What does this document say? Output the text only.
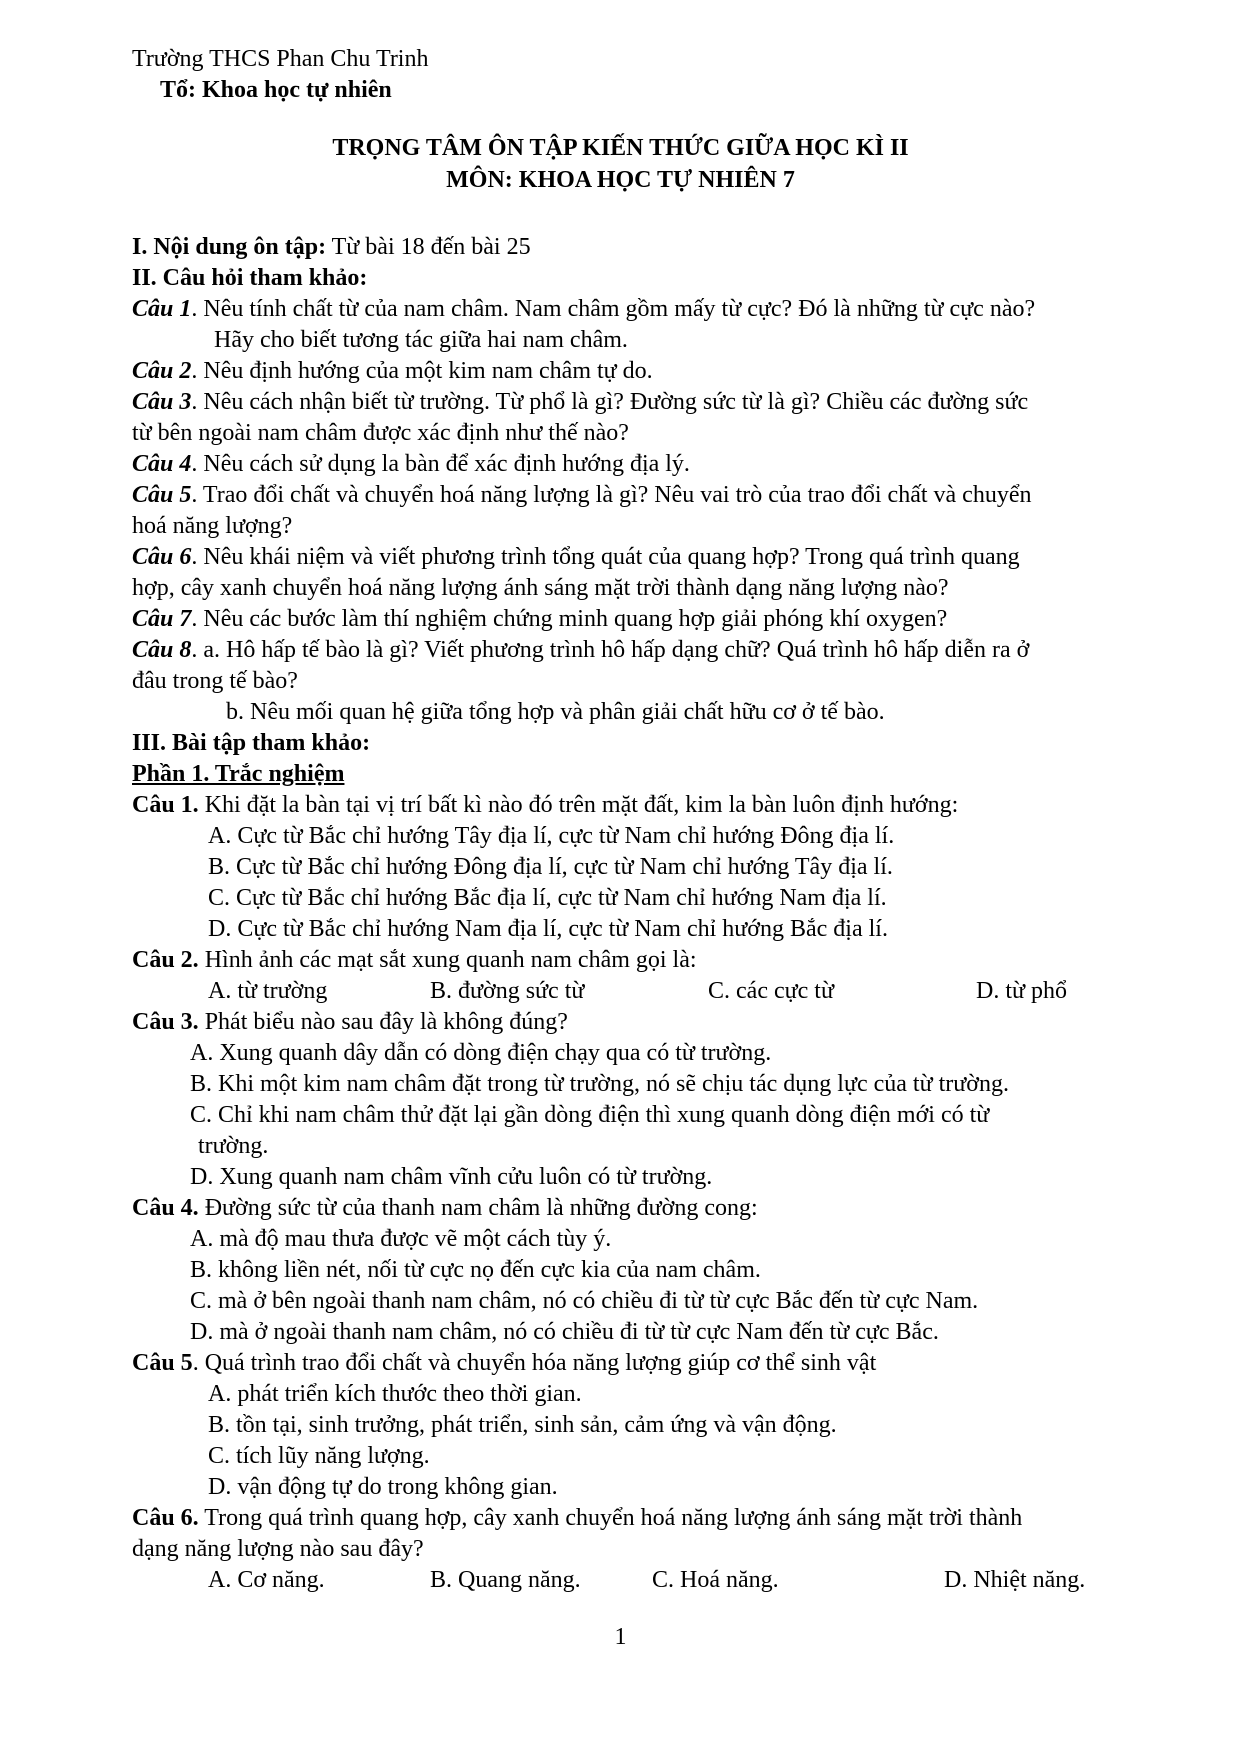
Trường THCS Phan Chu Trinh
Tổ: Khoa học tự nhiên
TRỌNG TÂM ÔN TẬP KIẾN THỨC GIỮA HỌC KÌ II
MÔN: KHOA HỌC TỰ NHIÊN 7
I. Nội dung ôn tập: Từ bài 18 đến bài 25
II. Câu hỏi tham khảo:
Câu 1. Nêu tính chất từ của nam châm. Nam châm gồm mấy từ cực? Đó là những từ cực nào?
Hãy cho biết tương tác giữa hai nam châm.
Câu 2. Nêu định hướng của một kim nam châm tự do.
Câu 3. Nêu cách nhận biết từ trường. Từ phổ là gì? Đường sức từ là gì? Chiều các đường sức
từ bên ngoài nam châm được xác định như thế nào?
Câu 4. Nêu cách sử dụng la bàn để xác định hướng địa lý.
Câu 5. Trao đổi chất và chuyển hoá năng lượng là gì? Nêu vai trò của trao đổi chất và chuyển
hoá năng lượng?
Câu 6. Nêu khái niệm và viết phương trình tổng quát của quang hợp? Trong quá trình quang
hợp, cây xanh chuyển hoá năng lượng ánh sáng mặt trời thành dạng năng lượng nào?
Câu 7. Nêu các bước làm thí nghiệm chứng minh quang hợp giải phóng khí oxygen?
Câu 8. a. Hô hấp tế bào là gì? Viết phương trình hô hấp dạng chữ? Quá trình hô hấp diễn ra ở
đâu trong tế bào?
b. Nêu mối quan hệ giữa tổng hợp và phân giải chất hữu cơ ở tế bào.
III. Bài tập tham khảo:
Phần 1. Trắc nghiệm
Câu 1. Khi đặt la bàn tại vị trí bất kì nào đó trên mặt đất, kim la bàn luôn định hướng:
A. Cực từ Bắc chỉ hướng Tây địa lí, cực từ Nam chỉ hướng Đông địa lí.
B. Cực từ Bắc chỉ hướng Đông địa lí, cực từ Nam chỉ hướng Tây địa lí.
C. Cực từ Bắc chỉ hướng Bắc địa lí, cực từ Nam chỉ hướng Nam địa lí.
D. Cực từ Bắc chỉ hướng Nam địa lí, cực từ Nam chỉ hướng Bắc địa lí.
Câu 2. Hình ảnh các mạt sắt xung quanh nam châm gọi là:
A. từ trường	B. đường sức từ	C. các cực từ	D. từ phổ
Câu 3. Phát biểu nào sau đây là không đúng?
A. Xung quanh dây dẫn có dòng điện chạy qua có từ trường.
B. Khi một kim nam châm đặt trong từ trường, nó sẽ chịu tác dụng lực của từ trường.
C. Chỉ khi nam châm thử đặt lại gần dòng điện thì xung quanh dòng điện mới có từ
trường.
D. Xung quanh nam châm vĩnh cửu luôn có từ trường.
Câu 4. Đường sức từ của thanh nam châm là những đường cong:
A. mà độ mau thưa được vẽ một cách tùy ý.
B. không liền nét, nối từ cực nọ đến cực kia của nam châm.
C. mà ở bên ngoài thanh nam châm, nó có chiều đi từ từ cực Bắc đến từ cực Nam.
D. mà ở ngoài thanh nam châm, nó có chiều đi từ từ cực Nam đến từ cực Bắc.
Câu 5. Quá trình trao đổi chất và chuyển hóa năng lượng giúp cơ thể sinh vật
A. phát triển kích thước theo thời gian.
B. tồn tại, sinh trưởng, phát triển, sinh sản, cảm ứng và vận động.
C. tích lũy năng lượng.
D. vận động tự do trong không gian.
Câu 6. Trong quá trình quang hợp, cây xanh chuyển hoá năng lượng ánh sáng mặt trời thành
dạng năng lượng nào sau đây?
A. Cơ năng.	B. Quang năng.	C. Hoá năng.	D. Nhiệt năng.
1
